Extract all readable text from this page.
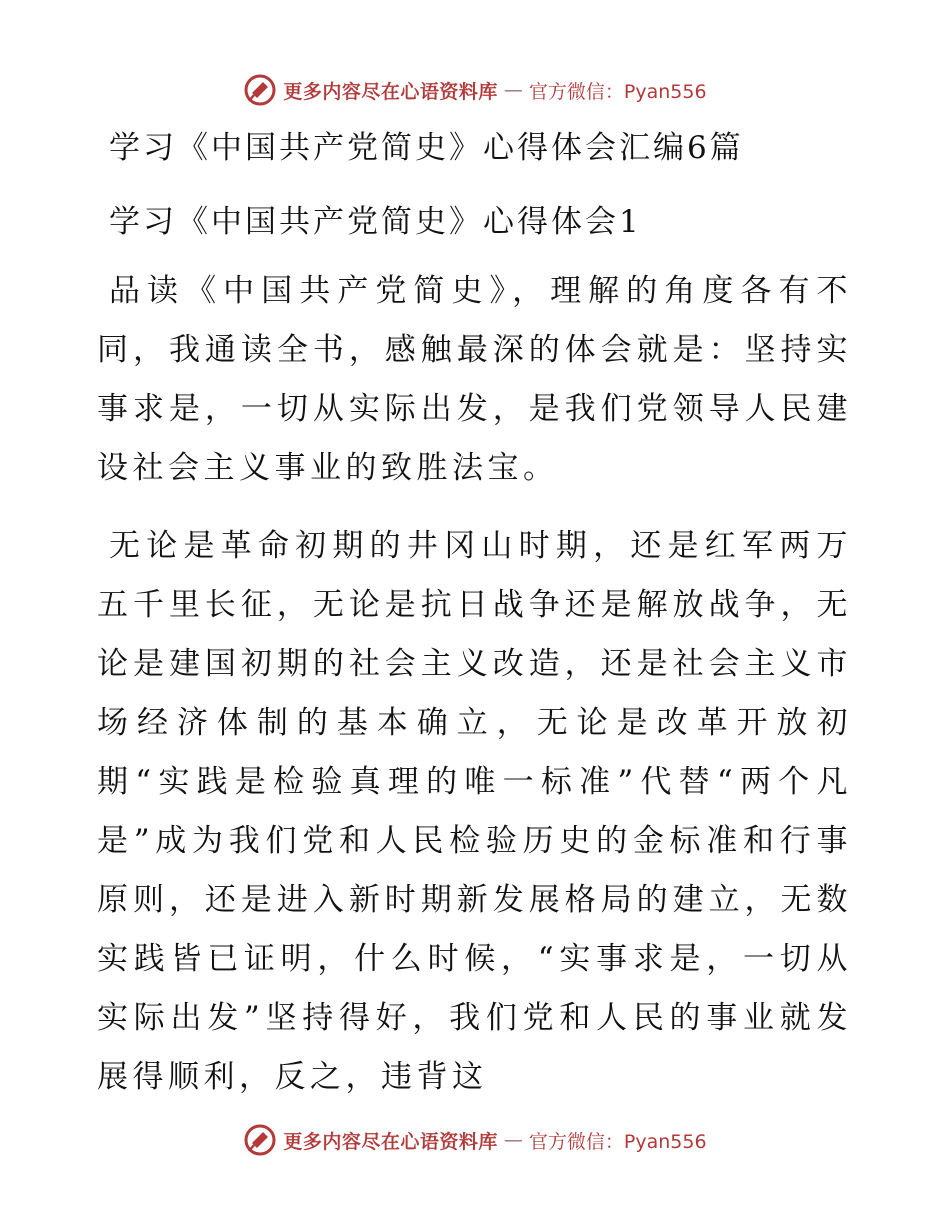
更多内容尽在心语资料库 — 官方微信：Pyan556
学习《中国共产党简史》心得体会汇编6篇
学习《中国共产党简史》心得体会1

品读《中国共产党简史》，理解的角度各有不同，我通读全书，感触最深的体会就是：坚持实事求是，一切从实际出发，是我们党领导人民建设社会主义事业的致胜法宝。

无论是革命初期的井冈山时期，还是红军两万五千里长征，无论是抗日战争还是解放战争，无论是建国初期的社会主义改造，还是社会主义市场经济体制的基本确立，无论是改革开放初期“实践是检验真理的唯一标准”代替“两个凡是”成为我们党和人民检验历史的金标准和行事原则，还是进入新时期新发展格局的建立，无数实践皆已证明，什么时候，“实事求是，一切从实际出发”坚持得好，我们党和人民的事业就发展得顺利，反之，违背这

更多内容尽在心语资料库 — 官方微信：Pyan556
